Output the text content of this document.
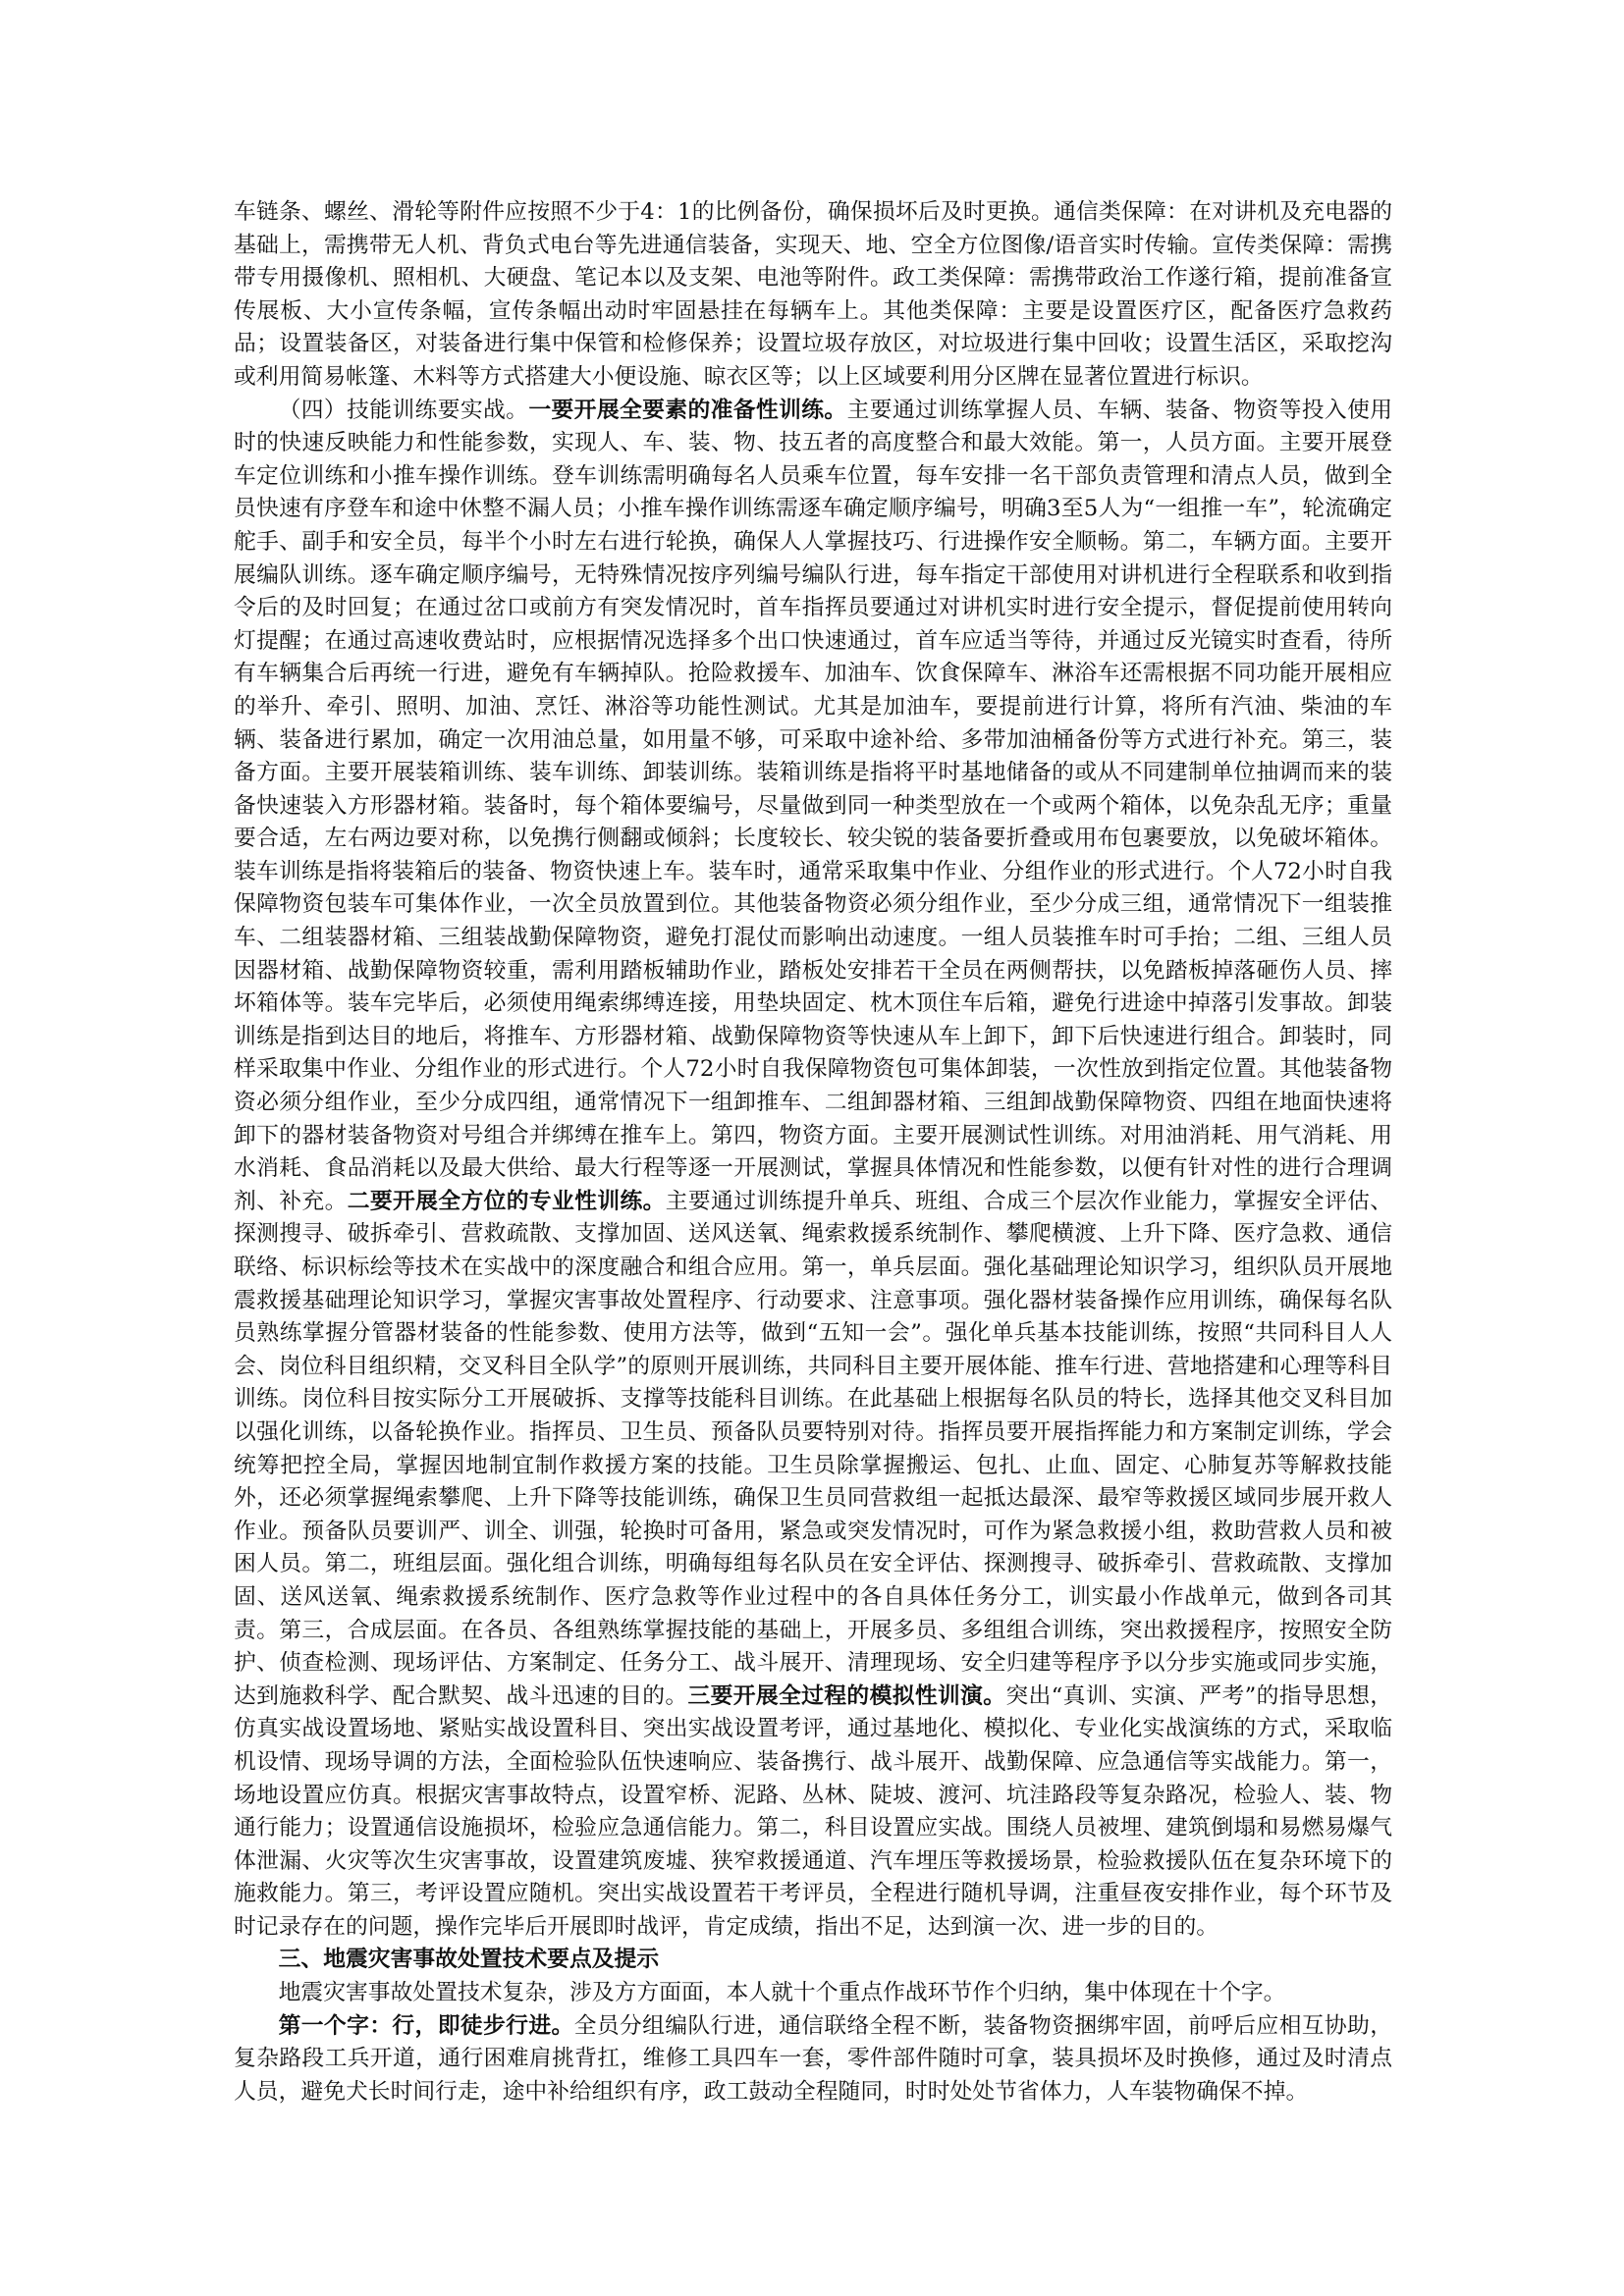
车链条、螺丝、滑轮等附件应按照不少于4：1的比例备份，确保损坏后及时更换。通信类保障：在对讲机及充电器的基础上，需携带无人机、背负式电台等先进通信装备，实现天、地、空全方位图像/语音实时传输。宣传类保障：需携带专用摄像机、照相机、大硬盘、笔记本以及支架、电池等附件。政工类保障：需携带政治工作遂行箱，提前准备宣传展板、大小宣传条幅，宣传条幅出动时牢固悬挂在每辆车上。其他类保障：主要是设置医疗区，配备医疗急救药品；设置装备区，对装备进行集中保管和检修保养；设置垃圾存放区，对垃圾进行集中回收；设置生活区，采取挖沟或利用简易帐篷、木料等方式搭建大小便设施、晾衣区等；以上区域要利用分区牌在显著位置进行标识。

（四）技能训练要实战。一要开展全要素的准备性训练。主要通过训练掌握人员、车辆、装备、物资等投入使用时的快速反映能力和性能参数，实现人、车、装、物、技五者的高度整合和最大效能。第一，人员方面。主要开展登车定位训练和小推车操作训练。登车训练需明确每名人员乘车位置，每车安排一名干部负责管理和清点人员，做到全员快速有序登车和途中休整不漏人员；小推车操作训练需逐车确定顺序编号，明确3至5人为“一组推一车”，轮流确定舵手、副手和安全员，每半个小时左右进行轮换，确保人人掌握技巧、行进操作安全顺畅。第二，车辆方面。主要开展编队训练。逐车确定顺序编号，无特殊情况按序列编号编队行进，每车指定干部使用对讲机进行全程联系和收到指令后的及时回复；在通过岔口或前方有突发情况时，首车指挥员要通过对讲机实时进行安全提示，督促提前使用转向灯提醒；在通过高速收费站时，应根据情况选择多个出口快速通过，首车应适当等待，并通过反光镜实时查看，待所有车辆集合后再统一行进，避免有车辆掉队。抢险救援车、加油车、饮食保障车、淋浴车还需根据不同功能开展相应的举升、牵引、照明、加油、烹饪、淋浴等功能性测试。尤其是加油车，要提前进行计算，将所有汽油、柴油的车辆、装备进行累加，确定一次用油总量，如用量不够，可采取中途补给、多带加油桶备份等方式进行补充。第三，装备方面。主要开展装箱训练、装车训练、卸装训练。装箱训练是指将平时基地储备的或从不同建制单位抽调而来的装备快速装入方形器材箱。装备时，每个箱体要编号，尽量做到同一种类型放在一个或两个箱体，以免杂乱无序；重量要合适，左右两边要对称，以免携行侧翻或倾斜；长度较长、较尖锐的装备要折叠或用布包裹要放，以免破坏箱体。装车训练是指将装箱后的装备、物资快速上车。装车时，通常采取集中作业、分组作业的形式进行。个人72小时自我保障物资包装车可集体作业，一次全员放置到位。其他装备物资必须分组作业，至少分成三组，通常情况下一组装推车、二组装器材箱、三组装战勤保障物资，避免打混仗而影响出动速度。一组人员装推车时可手抬；二组、三组人员因器材箱、战勤保障物资较重，需利用踏板辅助作业，踏板处安排若干全员在两侧帮扶，以免踏板掉落砸伤人员、摔坏箱体等。装车完毕后，必须使用绳索绑缚连接，用垫块固定、枕木顶住车后箱，避免行进途中掉落引发事故。卸装训练是指到达目的地后，将推车、方形器材箱、战勤保障物资等快速从车上卸下，卸下后快速进行组合。卸装时，同样采取集中作业、分组作业的形式进行。个人72小时自我保障物资包可集体卸装，一次性放到指定位置。其他装备物资必须分组作业，至少分成四组，通常情况下一组卸推车、二组卸器材箱、三组卸战勤保障物资、四组在地面快速将卸下的器材装备物资对号组合并绑缚在推车上。第四，物资方面。主要开展测试性训练。对用油消耗、用气消耗、用水消耗、食品消耗以及最大供给、最大行程等逐一开展测试，掌握具体情况和性能参数，以便有针对性的进行合理调剂、补充。二要开展全方位的专业性训练。主要通过训练提升单兵、班组、合成三个层次作业能力，掌握安全评估、探测搜寻、破拆牵引、营救疏散、支撑加固、送风送氧、绳索救援系统制作、攀爬横渡、上升下降、医疗急救、通信联络、标识标绘等技术在实战中的深度融合和组合应用。第一，单兵层面。强化基础理论知识学习，组织队员开展地震救援基础理论知识学习，掌握灾害事故处置程序、行动要求、注意事项。强化器材装备操作应用训练，确保每名队员熟练掌握分管器材装备的性能参数、使用方法等，做到“五知一会”。强化单兵基本技能训练，按照“共同科目人人会、岗位科目组织精，交叉科目全队学”的原则开展训练，共同科目主要开展体能、推车行进、营地搭建和心理等科目训练。岗位科目按实际分工开展破拆、支撑等技能科目训练。在此基础上根据每名队员的特长，选择其他交叉科目加以强化训练，以备轮换作业。指挥员、卫生员、预备队员要特别对待。指挥员要开展指挥能力和方案制定训练，学会统筹把控全局，掌握因地制宜制作救援方案的技能。卫生员除掌握搬运、包扎、止血、固定、心肺复苏等解救技能外，还必须掌握绳索攀爬、上升下降等技能训练，确保卫生员同营救组一起抵达最深、最窄等救援区域同步展开救人作业。预备队员要训严、训全、训强，轮换时可备用，紧急或突发情况时，可作为紧急救援小组，救助营救人员和被困人员。第二，班组层面。强化组合训练，明确每组每名队员在安全评估、探测搜寻、破拆牵引、营救疏散、支撑加固、送风送氧、绳索救援系统制作、医疗急救等作业过程中的各自具体任务分工，训实最小作战单元，做到各司其责。第三，合成层面。在各员、各组熟练掌握技能的基础上，开展多员、多组组合训练，突出救援程序，按照安全防护、侦查检测、现场评估、方案制定、任务分工、战斗展开、清理现场、安全归建等程序予以分步实施或同步实施，达到施救科学、配合默契、战斗迅速的目的。三要开展全过程的模拟性训演。突出“真训、实演、严考”的指导思想，仿真实战设置场地、紧贴实战设置科目、突出实战设置考评，通过基地化、模拟化、专业化实战演练的方式，采取临机设情、现场导调的方法，全面检验队伍快速响应、装备携行、战斗展开、战勤保障、应急通信等实战能力。第一，场地设置应仿真。根据灾害事故特点，设置窄桥、泥路、丛林、陡坡、渡河、坑洼路段等复杂路况，检验人、装、物通行能力；设置通信设施损坏，检验应急通信能力。第二，科目设置应实战。围绕人员被埋、建筑倒塌和易燃易爆气体泄漏、火灾等次生灾害事故，设置建筑废墟、狭窄救援通道、汽车埋压等救援场景，检验救援队伍在复杂环境下的施救能力。第三，考评设置应随机。突出实战设置若干考评员，全程进行随机导调，注重昼夜安排作业，每个环节及时记录存在的问题，操作完毕后开展即时战评，肯定成绩，指出不足，达到演一次、进一步的目的。

三、地震灾害事故处置技术要点及提示

地震灾害事故处置技术复杂，涉及方方面面，本人就十个重点作战环节作个归纳，集中体现在十个字。

第一个字：行，即徒步行进。全员分组编队行进，通信联络全程不断，装备物资捆绑牢固，前呼后应相互协助，复杂路段工兵开道，通行困难肩挑背扛，维修工具四车一套，零件部件随时可拿，装具损坏及时换修，通过及时清点人员，避免犬长时间行走，途中补给组织有序，政工鼓动全程随同，时时处处节省体力，人车装物确保不掉。
